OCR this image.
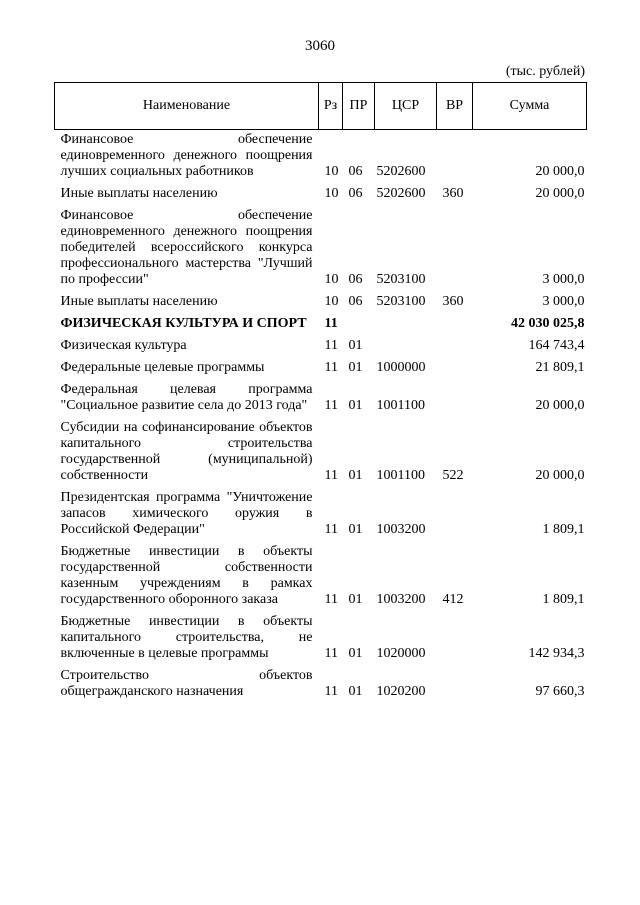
3060
(тыс. рублей)
Наименование	Рз	ПР	ЦСР	ВР	Сумма
Финансовое обеспечение единовременного денежного поощрения лучших социальных работников	10	06	5202600		20 000,0
Иные выплаты населению	10	06	5202600	360	20 000,0
Финансовое обеспечение единовременного денежного поощрения победителей всероссийского конкурса профессионального мастерства "Лучший по профессии"	10	06	5203100		3 000,0
Иные выплаты населению	10	06	5203100	360	3 000,0
ФИЗИЧЕСКАЯ КУЛЬТУРА И СПОРТ	11				42 030 025,8
Физическая культура	11	01			164 743,4
Федеральные целевые программы	11	01	1000000		21 809,1
Федеральная целевая программа "Социальное развитие села до 2013 года"	11	01	1001100		20 000,0
Субсидии на софинансирование объектов капитального строительства государственной (муниципальной) собственности	11	01	1001100	522	20 000,0
Президентская программа "Уничтожение запасов химического оружия в Российской Федерации"	11	01	1003200		1 809,1
Бюджетные инвестиции в объекты государственной собственности казенным учреждениям в рамках государственного оборонного заказа	11	01	1003200	412	1 809,1
Бюджетные инвестиции в объекты капитального строительства, не включенные в целевые программы	11	01	1020000		142 934,3
Строительство объектов общегражданского назначения	11	01	1020200		97 660,3
